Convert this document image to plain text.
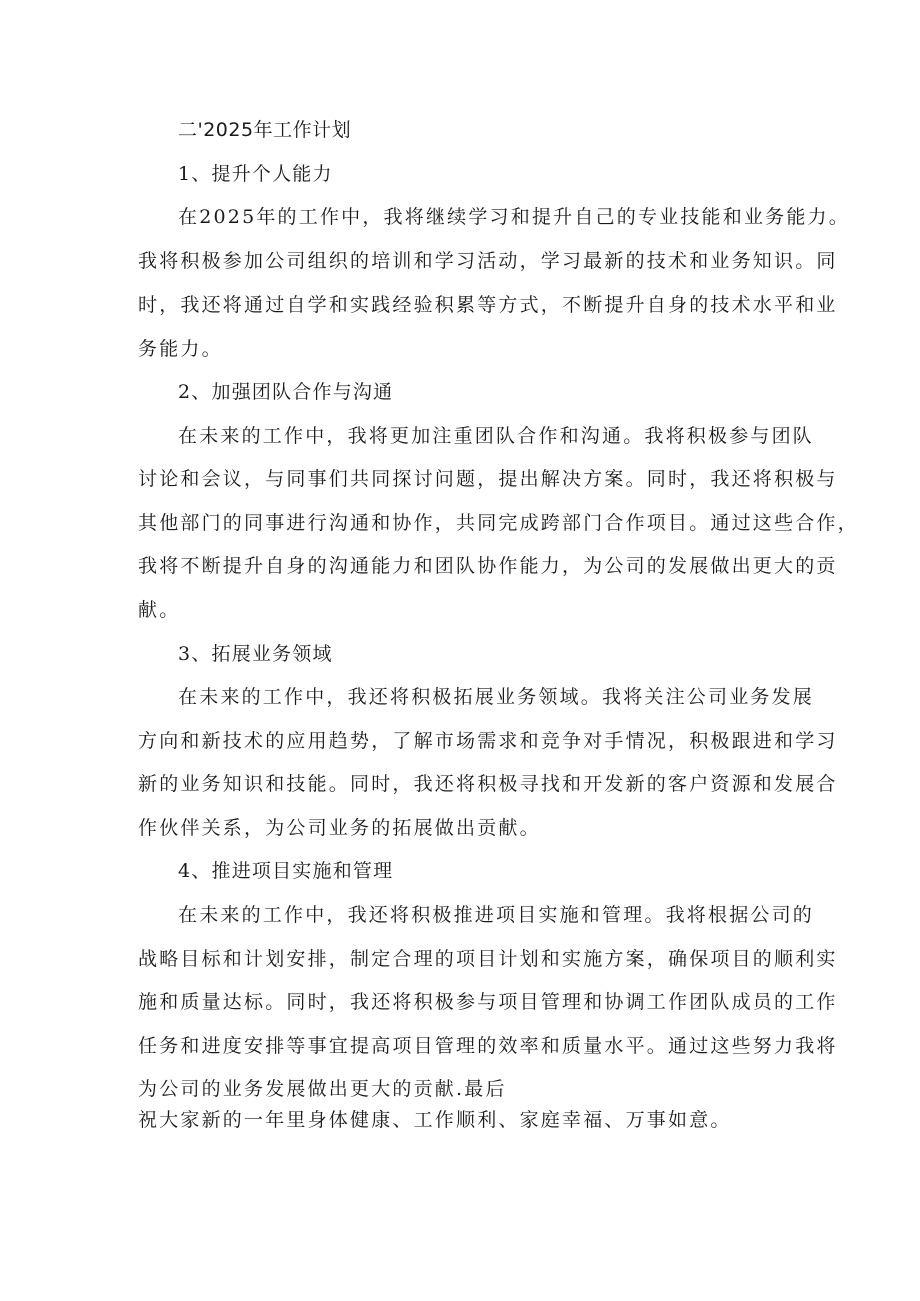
二'2025年工作计划
1、提升个人能力
在2025年的工作中，我将继续学习和提升自己的专业技能和业务能力。
我将积极参加公司组织的培训和学习活动，学习最新的技术和业务知识。同
时，我还将通过自学和实践经验积累等方式，不断提升自身的技术水平和业
务能力。
2、加强团队合作与沟通
在未来的工作中，我将更加注重团队合作和沟通。我将积极参与团队
讨论和会议，与同事们共同探讨问题，提出解决方案。同时，我还将积极与
其他部门的同事进行沟通和协作，共同完成跨部门合作项目。通过这些合作，
我将不断提升自身的沟通能力和团队协作能力，为公司的发展做出更大的贡
献。
3、拓展业务领域
在未来的工作中，我还将积极拓展业务领域。我将关注公司业务发展
方向和新技术的应用趋势，了解市场需求和竞争对手情况，积极跟进和学习
新的业务知识和技能。同时，我还将积极寻找和开发新的客户资源和发展合
作伙伴关系，为公司业务的拓展做出贡献。
4、推进项目实施和管理
在未来的工作中，我还将积极推进项目实施和管理。我将根据公司的
战略目标和计划安排，制定合理的项目计划和实施方案，确保项目的顺利实
施和质量达标。同时，我还将积极参与项目管理和协调工作团队成员的工作
任务和进度安排等事宜提高项目管理的效率和质量水平。通过这些努力我将
为公司的业务发展做出更大的贡献.最后
祝大家新的一年里身体健康、工作顺利、家庭幸福、万事如意。
